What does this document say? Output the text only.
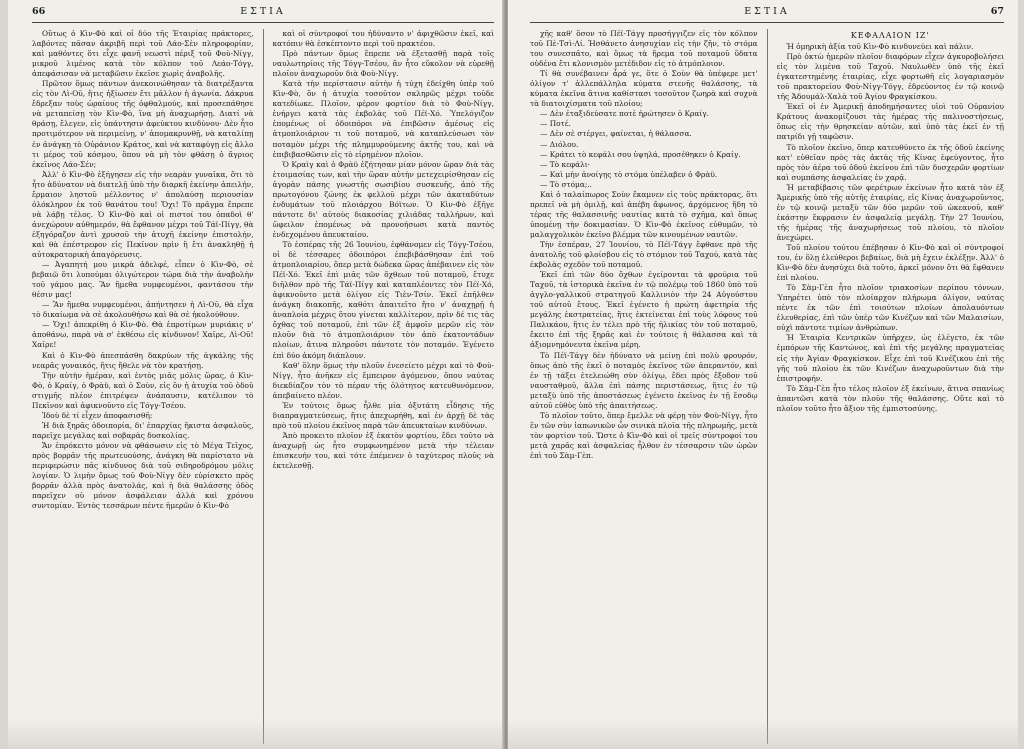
66	ΕΣΤΙΑ

Οὕτως ὁ Κὶν-Φὸ καὶ οἱ δύο τῆς Ἑταιρίας πράκτορες, λαβόντες πᾶσαν ἀκριβῆ περὶ τοῦ Λάο-Σὲν πληροφορίαν, καὶ μαθόντες ὅτι εἶχε φανῆ νεωστὶ πέριξ τοῦ Φοὺ-Νίγγ, μικροῦ λιμένος κατὰ τὸν κόλπον τοῦ Λεάο-Τόγγ, ἀπεφάσισαν νὰ μεταβῶσιν ἐκεῖσε χωρὶς ἀναβολῆς.

Πρῶτον ὅμως πάντων ἀνεκοινώθησαν τὰ διατρέξαντα εἰς τὸν Λὶ-Οῦ, ἥτις ἠξίωσεν ἔτι μᾶλλον ἡ ἀγωνία. Δάκρυα ἔδρεξαν τοὺς ὡραίους τῆς ὀφθαλμούς, καὶ προσεπάθησε νὰ μεταπείσῃ τὸν Κὶν-Φὸ, ἵνα μὴ ἀναχωρήσῃ. Διατί νὰ θράσῃ, ἔλεγεν, εἰς ὑπάντησιν ἀφεύκτου κινδύνου· Δὲν ἦτο προτιμότερον νὰ περιμείνῃ, ν' ἀπομακρυνθῇ, νὰ καταλίπῃ ἐν ἀνάγκῃ τὸ Οὐράνιον Κράτος, καὶ νὰ καταφύγῃ εἰς ἄλλο τι μέρος τοῦ κόσμου, ὅπου νὰ μὴ τὸν φθάσῃ ὁ ἄγριος ἐκεῖνος Λάο-Σέν;

Ἀλλ' ὁ Κὶν-Φὸ ἐξήγησεν εἰς τὴν νεαρὰν γυναῖκα, ὅτι τὸ ἦτο ἀδύνατον νὰ διατελῇ ὑπὸ τὴν διαρκῆ ἐκείνην ἀπειλήν, ἔρμαιον ληστοῦ μέλλοντος ν' ἀπολαύσῃ περιουσίαν ὁλόκληρον ἐκ τοῦ θανάτου του! Ὄχι! Τὸ πρᾶγμα ἔπρεπε νὰ λάβῃ τέλος. Ὁ Κὶν-Φὸ καὶ οἱ πιστοί του ὀπαδοὶ θ' ἀνεχώρουν αὐθημερόν, θὰ ἔφθανον μέχρι τοῦ Τάϊ-Πίγγ, θὰ ἐξηγόραζον ἀντὶ χρυσοῦ τὴν ἀτυχῆ ἐκείνην ἐπιστολήν, καὶ θὰ ἐπέστρεφον εἰς Πεκῖνον πρὶν ἢ ἔτι ἀνακληθῇ ἡ αὐτοκρατορικὴ ἀπαγόρευσις.

— Ἀγαπητή μου μικρὰ ἀδελφέ, εἶπεν ὁ Κὶν-Φὸ, σὲ βεβαιῶ ὅτι λυπούμαι ὀλιγώτερον τώρα διὰ τὴν ἀναβολὴν τοῦ γάμου μας. Ἂν ἤμεθα νυμφευμένοι, φαντάσου τὴν θέσιν μας!

— Ἂν ἤμεθα νυμφευμένοι, ἀπήντησεν ἡ Λὶ-Οῦ, θὰ εἶχα τὸ δικαίωμα νὰ σὲ ἀκολουθήσω καὶ θὰ σὲ ἠκολούθουν.

— Ὄχι! ἀπεκρίθη ὁ Κὶν-Φὸ. Θὰ ἐπροτίμων μυριάκις ν' ἀποθάνω, παρὰ νὰ σ' ἐκθέσω εἰς κίνδυνον! Χαῖρε, Λὶ-Οῦ! Χαῖρε!

Καὶ ὁ Κὶν-Φὸ ἀπεσπάσθη δακρύων τῆς ἀγκάλης τῆς νεαρᾶς γυναικός, ἥτις ἤθελε νὰ τὸν κρατήσῃ.

Τὴν αὐτὴν ἡμέραν, καὶ ἐντὸς μιᾶς μόλις ὥρας, ὁ Κὶν-Φὸ, ὁ Κραίγ, ὁ Φρὰϋ, καὶ ὁ Σοὺν, εἰς ὃν ἡ ἀτυχία τοῦ ὁδοῦ στιγμῆς πλέον ἐπιτρέψεν ἀνάπαυσιν, κατέλιπον τὸ Πεκῖνον καὶ ἀφικνοῦντο εἰς Τόγγ-Τσέου.

Ἰδοὺ δὲ τί εἶχεν ἀποφασισθῆ:

Ἡ διὰ ξηρᾶς ὁδοιπορία, δι' ἐπαρχίας ἥκιστα ἀσφαλοῦς, παρεῖχε μεγάλας καὶ σοβαρὰς δυσκολίας.

Ἄν ἐπρόκειτο μόνον νὰ φθάσωσιν εἰς τὸ Μέγα Τεῖχος, πρὸς βορρᾶν τῆς πρωτευούσης, ἀνάγκη θὰ παρίστατο νὰ περιφερώσιν πᾶς κίνδυνος διὰ τοῦ σιδηροδρόμου μόλις λογίαν. Ὁ λιμὴν ὅμως τοῦ Φοὺ-Νίγγ δὲν εὑρίσκετο πρὸς βορρᾶν ἀλλὰ πρὸς ἀνατολάς, καὶ ἡ διὰ θαλάσσης ὁδὸς παρεῖχεν οὐ μόνον ἀσφάλειαν ἀλλὰ καὶ χρόνου συντομίαν. Ἐντὸς τεσσάρων πέντε ἡμερῶν ὁ Κὶν-Φὸ

καὶ οἱ σύντροφοί του ἠδύναντο ν' ἀφιχθῶσιν ἐκεῖ, καὶ κατόπιν θὰ ἐσκέπτοντο περὶ τοῦ πρακτέου.

Πρὸ πάντων ὅμως ἔπρεπε νὰ ἐξετασθῇ παρὰ τοῖς ναυλωτηρίοις τῆς Τόγγ-Τσέου, ἂν ἦτο εὔκολον νὰ εὑρεθῇ πλοῖον ἀναχωροῦν διὰ Φοὺ-Νίγγ.

Κατὰ τὴν περίστασιν αὐτὴν ἡ τύχη ἐδείχθη ὑπὲρ τοῦ Κὶν-Φὸ, ὃν ἡ ἀτυχία τοσοῦτον σκληρῶς μέχρι τοῦδε κατεδίωκε. Πλοῖον, φέρον φορτίον διὰ τὸ Φοὺ-Νίγγ, ἐνήργει κατὰ τὰς ἐκβολὰς τοῦ Πέϊ-Χό. Ὑπελόγιζον ἑπομένως οἱ ὁδοιπόροι νὰ ἐπιβῶσιν ἀμέσως εἰς ἀτμοπλοιάριον τι τοῦ ποταμοῦ, νὰ καταπλεύσωσι τὸν ποταμὸν μέχρι τῆς πλημμυρούμενης ἀκτῆς του, καὶ νὰ ἐπιβιβασθῶσιν εἰς τὸ εἰρημένον πλοῖον.

Ὁ Κραὶγ καὶ ὁ Φρὰϋ ἐζήτησαν μίαν μόνον ὥραν διὰ τὰς ἑτοιμασίας των, καὶ τὴν ὥραν αὐτὴν μετεχειρίσθησαν εἰς ἀγορὰν πάσης γνωστῆς σωσιβίου συσκευῆς, ἀπὸ τῆς πρωτογόνου ζώνης ἐκ φελλοῦ μέχρι τῶν ἀκαταδύτων ἐνδυμάτων τοῦ πλοιάρχου Βόϊτων. Ὁ Κὶν-Φὸ ἐξῆγε πάντοτε δι' αὐτοὺς διακοσίας χιλιάδας ταλλήρων, καὶ ὤφειλον ἐπομένως νὰ προνοήσωσι κατὰ παντὸς ἐνδεχομένου ἀπευκταίου.

Τὸ ἑσπέρας τῆς 26 Ἰουνίου, ἐφθάνομεν εἰς Τόγγ-Τσέου, οἱ δὲ τέσσαρες ὁδοιπόροι ἐπεβιβάσθησαν ἐπὶ τοῦ ἀτμοπλοιαρίου, ὅπερ μετὰ δώδεκα ὥρας ἀπέβαινεν εἰς τὸν Πέϊ-Χό. Ἐκεῖ ἐπὶ μιᾶς τῶν ὄχθεων τοῦ ποταμοῦ, ἔτυχε διῆλθον πρὸ τῆς Τάϊ-Πίγγ καὶ καταπλέοντες τὸν Πέϊ-Χό, ἀφικνοῦντο μετὰ ὀλίγον εἰς Τιὲν-Τσίν. Ἐκεῖ ἐπῆλθεν ἀνάγκη διακοπῆς, καθότι ἀπαιτεῖτο ἤτο ν' ἀναχῃρῇ ἡ ἀναπλοία μέχρις ὅτου γίνεται καλλίτερον, πρὶν δέ τις τὰς ὄχθας τοῦ ποταμοῦ, ἐπὶ τῶν ἐξ ἀμφοῖν μερῶν εἰς τὸν πλοῦν διὰ τὸ ἀτμοπλοιάριον τὸν ἀπὸ ἑκατοντάδων πλοίων, ἄτινα πληροῦσι πάντοτε τὸν ποταμόν. Ἐγένετο ἐπὶ δύο ἀκόμη διάπλουν.

Καθ' ὅλην ὅμως τὴν πλοῦν ἐνεσείετο μέχρι καὶ τὸ Φοὺ-Νίγγ, ἦτο ἀνῆκεν εἰς ἔμπειρον ἀγόμενον, ὅπου ναύτας διεκδίαζον τὸν τὸ πέραν τῆς ὁλότητος κατευθυνόμενον, ἀπεβαίνετο πλέον.

Ἐν τούτοις ὅμως ἦλθε μία ὀξυτάτη εἶδησις τῆς διαπραγματεύσεως, ἥτις ἀπεχωρήθη, καὶ ἐν ἀρχῇ δὲ τὰς πρὸ τοῦ πλοίου ἐκεῖνος παρὰ τῶν ἀπευκταίων κινδύνων.

Ἀπὸ προκειτο πλοῖον ἐξ ἑκατὸν φορτίου, ἔδει τοῦτο νὰ ἀναχωρῇ ὡς ἦτο συμφωνημένον μετὰ τὴν τέλειαν ἐπισκευήν του, καὶ τότε ἐπέμενεν ὁ ταχύτερος πλοῦς νὰ ἐκτελεσθῇ.

ΕΣΤΙΑ	67

χῆς καθ' ὅσον τὸ Πέϊ-Τάγγ προσήγγιζεν εἰς τὸν κόλπον τοῦ Πὲ-Τσὶ-Λί. Ἠσθάνετο ἀνησυχίαν εἰς τὴν ζῆν, τὸ στόμα του συνεσπᾶτο, καὶ ὅμως τὰ ἤρεμα τοῦ ποταμοῦ ὕδατα οὐδένα ἔτι κλονισμὸν μετέδιδον εἰς τὸ ἀτμόπλοιον.

Τί θὰ συνέβαινεν ἆρά γε, ὅτε ὁ Σοὺν θὰ ὑπέφερε μετ' ὀλίγον τ' ἀλλεπάλληλα κύματα στενῆς θαλάσσης, τὰ κύματα ἐκεῖνα ἅτινα καθίστασι τοσοῦτον ζωηρὰ καὶ συχνὰ τὰ διατοιχίσματα τοῦ πλοίου;

— Δὲν ἐταξιδεύσατε ποτὲ ἠρώτησεν ὁ Κραίγ.

— Ποτέ.

— Δὲν σὲ στέργει, φαίνεται, ἡ θάλασσα.

— Διόλου.

— Κράτει τὸ κεφάλι σου ὑψηλά, προσέθηκεν ὁ Κραίγ.

— Τὸ κεφάλι·

— Καὶ μὴν ἀνοίγῃς τὸ στόμα ὑπέλαβεν ὁ Φρὰϋ.

— Τὸ στόμα;..

Καὶ ὁ ταλαίπωρος Σοὺν ἔκαμνεν εἰς τοὺς πράκτορας, ὅτι πρεπεῖ νὰ μὴ ὁμιλῇ, καὶ ἀπέβη ἄφωνος, ἀρχόμενος ἤδη τὸ τέρας τῆς θαλασσινῆς ναυτίας κατὰ τὸ σχῆμα, καὶ ὅπως ὑπομένῃ τὴν δοκιμασίαν. Ὁ Κὶν-Φὸ ἐκεῖνος εὐθυμῶν, τὸ μαλαγχολικὸν ἐκεῖνο βλέμμα τῶν κινουμένων ναυτῶν.

Τὴν ἑσπέραν, 27 Ἰουνίου, τὸ Πέϊ-Τάγγ ἔφθανε πρὸ τῆς ἀνατολῆς τοῦ φλοίσβου εἰς τὸ στόμιον τοῦ Ταχού, κατὰ τὰς ἐκβολὰς σχεδὸν τοῦ ποταμοῦ.

Ἐκεῖ ἐπὶ τῶν δύο ὄχθων ἐγείρονται τὰ φρούρια τοῦ Ταχοῦ, τὰ ἱστορικὰ ἐκεῖνα ἐν τῷ πολέμῳ τοῦ 1860 ὑπὸ τοῦ ἀγγλο-γαλλικοῦ στρατηγοῦ Καλλινιὸν τὴν 24 Αὐγούστου τοῦ αὐτοῦ ἔτους. Ἐκεῖ ἐγένετο ἡ πρώτη ἀφετηρία τῆς μεγάλης ἐκστρατείας, ἥτις ἐκτείνεται ἐπὶ τοὺς λόφους τοῦ Παλικάου, ἥτις ἐν τέλει πρὸ τῆς ἡλικίας τὸν τοῦ ποταμοῦ, ἔκειτο ἐπὶ τῆς ξηρᾶς καὶ ἐν τούτοις ἡ θάλασσα καὶ τὰ ἀξιομνημόνευτα ἐκεῖνα μέρη.

Τὸ Πέϊ-Τάγγ δὲν ἠδύνατο νὰ μείνῃ ἐπὶ πολὺ φρουρόν, ὅπως ἀπὸ τῆς ἐκεῖ ὁ ποταμὸς ἐκεῖνος τῶν ἀπεραντόν, καὶ ἐν τῇ τάξει ἐτελειώθη σὺν ὁλίγῳ, ἔδει πρὸς ἔξοδον τοῦ ναυσταθμοῦ, ἄλλα ἐπὶ πάσης περιστάσεως, ἥτις ἐν τῷ μεταξὺ ὑπὸ τῆς ἀποστάσεως ἐγένετο ἐκεῖνος ἐν τῇ ἔσοδῳ αὐτοῦ εὐθὺς ὑπὸ τῆς ἀπαιτήσεως.

Τὸ πλοῖον τοῦτο, ὅπερ ἔμελλε νὰ φέρῃ τὸν Φοὺ-Νίγγ, ἦτο ἓν τῶν σὺν ἰαπωνικῶν ὧν σινικὰ πλοῖα τῆς πληρωμῆς, μετὰ τὸν φορτίον τοῦ. Ὥστε ὁ Κὶν-Φὸ καὶ οἱ τρεῖς σύντροφοί του μετὰ χαρᾶς καὶ ἀσφαλείας ἦλθον ἐν τέσσαρσιν τῶν ὡρῶν ἐπὶ τοῦ Σὰμ-Γὲπ.

ΚΕΦΑΛΑΙΟΝ ΙΖ'

Ἡ ὁμηρικὴ ἀξία τοῦ Κὶν-Φὸ κινδυνεύει καὶ πάλιν.

Πρὸ ὀκτὼ ἡμερῶν πλοῖον διαφόρων εἶχεν ἀγκυροβολήσει εἰς τὸν λιμένα τοῦ Ταχοῦ. Ναυλωθὲν ὑπὸ τῆς ἐκεῖ ἐγκατεστημένης ἑταιρίας, εἶχε φορτωθῆ εἰς λογαριασμὸν τοῦ πρακτορείου Φοὺ-Νίγγ-Τόγγ, ἐδρεύοντος ἐν τῷ κοινῷ τῆς Ἀδουμάλ-Χαλὰ τοῦ Ἀγίου Φραγκίσκου.

Ἐκεῖ οἱ ἐν Ἀμερικῇ ἀποδημήσαντες υἱοὶ τοῦ Οὐρανίου Κράτους ἀνακομίζουσι τὰς ἡμέρας τῆς παλινοστήσεως, ὅπως εἰς τὴν θρησκείαν αὐτῶν, καὶ ὑπὸ τὰς ἐκεῖ ἐν τῇ πατρίδι γῇ ταφῶσιν.

Τὸ πλοῖον ἐκεῖνο, ὅπερ κατευθύνετο ἐκ τῆς ὁδοῦ ἐκείνης κατ' εὐθεῖαν πρὸς τὰς ἀκτὰς τῆς Κίνας ἐφεύγοντος, ἦτο πρὸς τὸν ἀέρα τοῦ ὁδοῦ ἐκείνου ἐπὶ τῶν δυσχερῶν φορτίων καὶ συμπάσης ἀσφαλείας ἐν χαρᾷ.

Ἡ μεταβίβασις τῶν φερέτρων ἐκείνων ἦτο κατὰ τὸν ἐξ Ἀμερικῆς ὑπὸ τῆς αὐτῆς ἐταιρίας, εἰς Κίνας ἀναχωροῦντος, ἐν τῷ κοινῷ μεταξὺ τῶν δύο μερῶν τοῦ ὠκεανοῦ, καθ' ἑκάστην ἔκφρασιν ἐν ἀσφαλείᾳ μεγάλῃ. Τὴν 27 Ἰουνίου, τῆς ἡμέρας τῆς ἀναχωρήσεως τοῦ πλοίου, τὸ πλοῖον ἀνεχώρει.

Τοῦ πλοίου τούτου ἐπέβησαν ὁ Κὶν-Φὸ καὶ οἱ σύντροφοί του, ἐν ὅλῃ ἐλεύθεροι βεβαίως, διὰ μὴ ἔχειν ἐκλέξῃν. Ἀλλ' ὁ Κὶν-Φὸ δὲν ἀνησύχει διὰ τοῦτο, ἀρκεῖ μόνον ὅτι θὰ ἔφθανεν ἐπὶ πλοίου.

Τὸ Σὰμ-Γὲπ ἦτο πλοῖον τριακοσίων περίπου τόννων. Ὑπηρέτει ὑπὸ τὸν πλοίαρχον πλήρωμα ὀλίγον, ναύτας πέντε ἐκ τῶν ἐπὶ τοιούτων πλοίων ἀπολαυόντων ἐλευθερίας, ἐπὶ τῶν ὑπὲρ τῶν Κινέζων καὶ τῶν Μαλαισίων, οὐχὶ πάντοτε τιμίων ἀνθρώπων.

Ἡ Ἑταιρία Κεντρικῶν ὑπῆρχεν, ὡς ἐλέγετο, ἐκ τῶν ἐμπόρων τῆς Καντώνος, καὶ ἐπὶ τῆς μεγάλης πραγματείας εἰς τὴν Ἁγίαν Φραγκίσκον. Εἶχε ἐπὶ τοῦ Κινέζικου ἐπὶ τῆς γῆς τοῦ πλοίου ἐκ τῶν Κινέζων ἀναχωροῦντων διὰ τὴν ἐπιστροφήν.

Τὸ Σὰμ-Γὲπ ἦτο τέλος πλοῖον ἐξ ἐκείνων, ἅτινα σπανίως ἀπαντῶσι κατὰ τὸν πλοῦν τῆς θαλάσσης. Οὕτε καὶ τὸ πλοῖον τοῦτο ἦτο ἄξιον τῆς ἐμπιστοσύνης.
